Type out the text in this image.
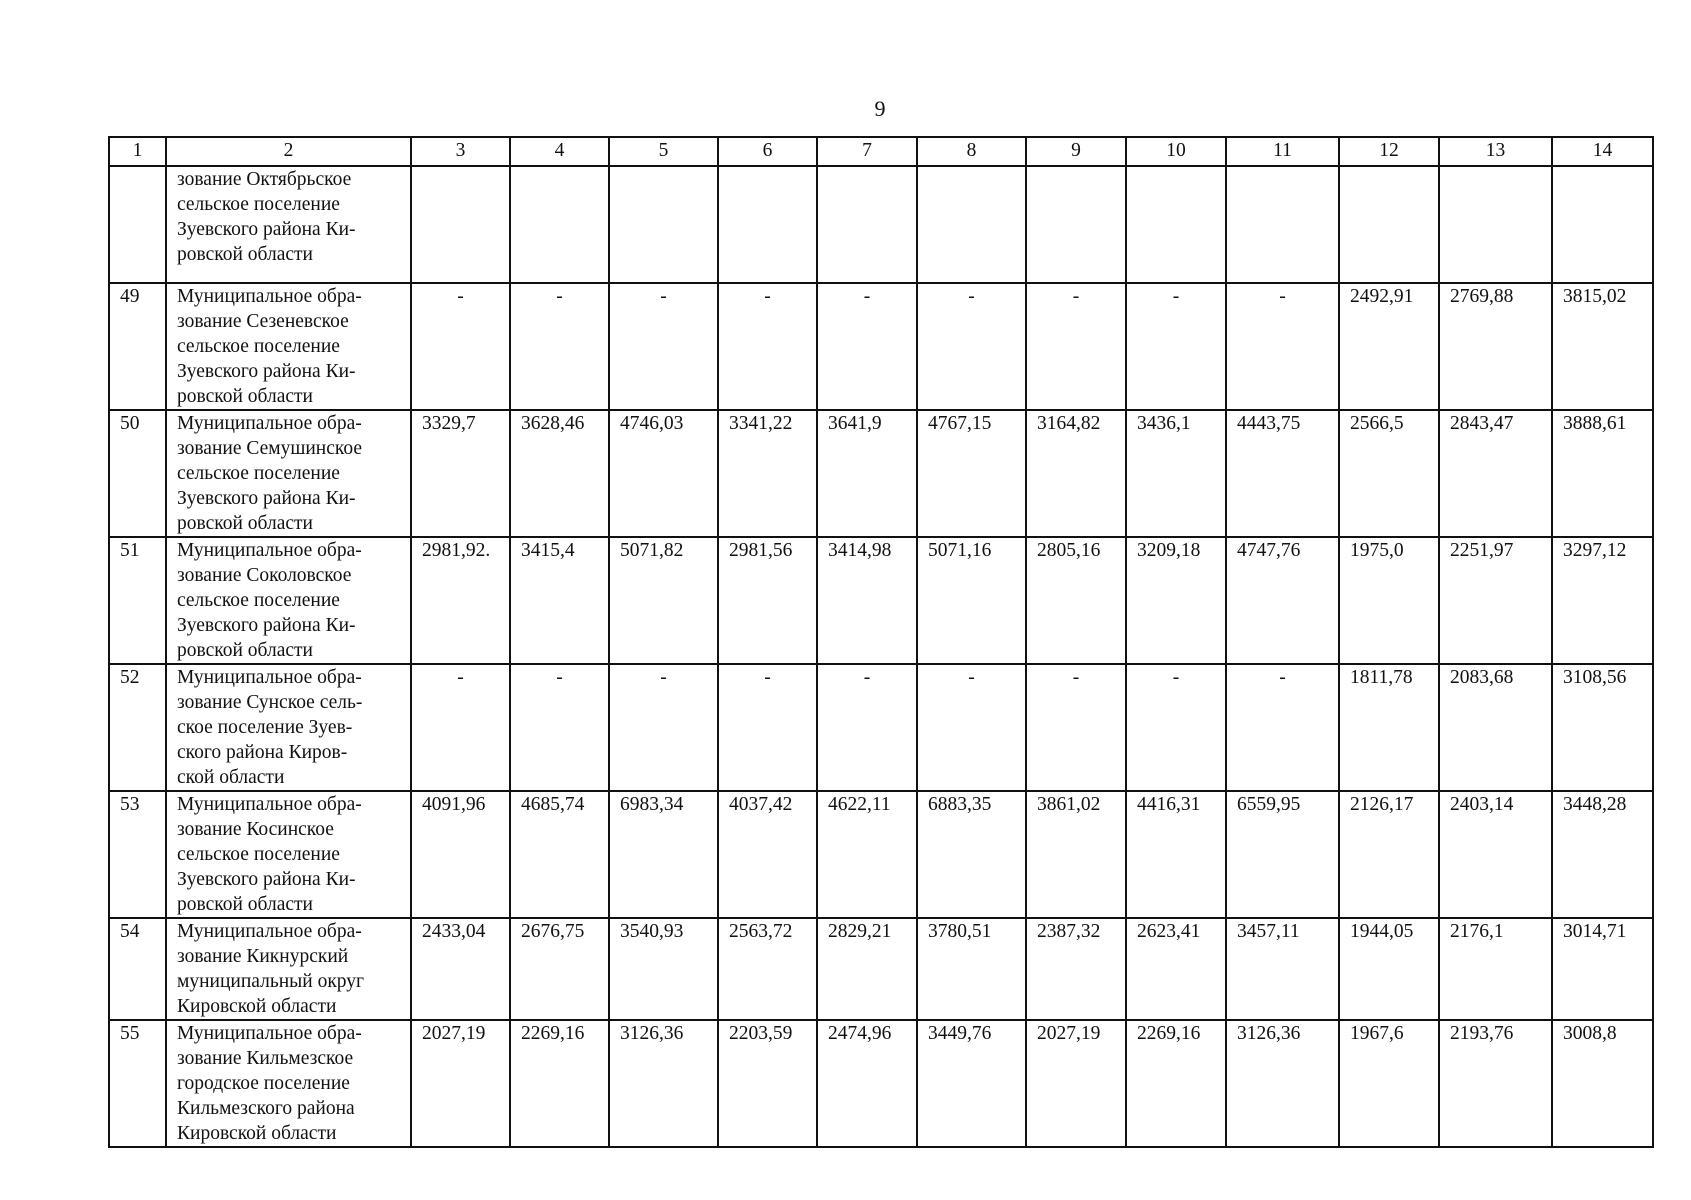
9
1	2	3	4	5	6	7	8	9	10	11	12	13	14

	зование Октябрьское
сельское поселение
Зуевского района Ки-
ровской области												

49	Муниципальное обра-
зование Сезеневское
сельское поселение
Зуевского района Ки-
ровской области	-	-	-	-	-	-	-	-	-	2492,91	2769,88	3815,02
50	Муниципальное обра-
зование Семушинское
сельское поселение
Зуевского района Ки-
ровской области	3329,7	3628,46	4746,03	3341,22	3641,9	4767,15	3164,82	3436,1	4443,75	2566,5	2843,47	3888,61
51	Муниципальное обра-
зование Соколовское
сельское поселение
Зуевского района Ки-
ровской области	2981,92.	3415,4	5071,82	2981,56	3414,98	5071,16	2805,16	3209,18	4747,76	1975,0	2251,97	3297,12
52	Муниципальное обра-
зование Сунское сель-
ское поселение Зуев-
ского района Киров-
ской области	-	-	-	-	-	-	-	-	-	1811,78	2083,68	3108,56
53	Муниципальное обра-
зование Косинское
сельское поселение
Зуевского района Ки-
ровской области	4091,96	4685,74	6983,34	4037,42	4622,11	6883,35	3861,02	4416,31	6559,95	2126,17	2403,14	3448,28
54	Муниципальное обра-
зование Кикнурский
муниципальный округ
Кировской области	2433,04	2676,75	3540,93	2563,72	2829,21	3780,51	2387,32	2623,41	3457,11	1944,05	2176,1	3014,71
55	Муниципальное обра-
зование Кильмезское
городское поселение
Кильмезского района
Кировской области	2027,19	2269,16	3126,36	2203,59	2474,96	3449,76	2027,19	2269,16	3126,36	1967,6	2193,76	3008,8
